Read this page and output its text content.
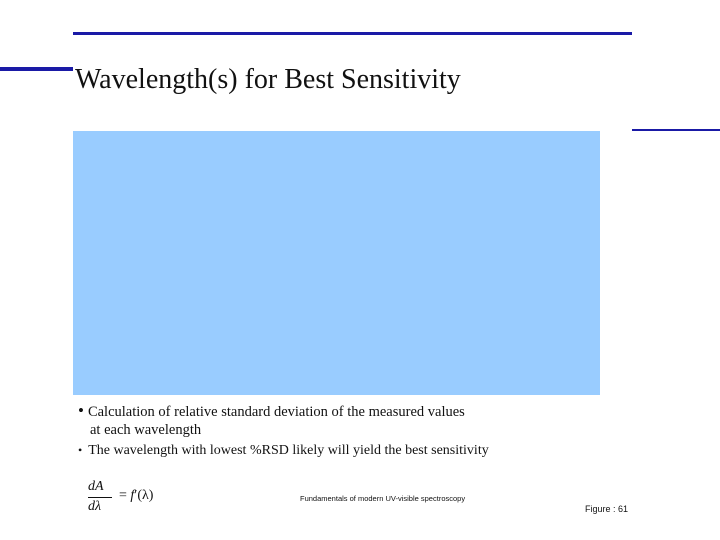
Wavelength(s) for Best Sensitivity
• Calculation of relative standard deviation of the measured values
at each wavelength
• The wavelength with lowest %RSD likely will yield the best sensitivity
dA
dλ
= f′(λ)	Fundamentals of modern UV-visible spectroscopy
Figure : 61
